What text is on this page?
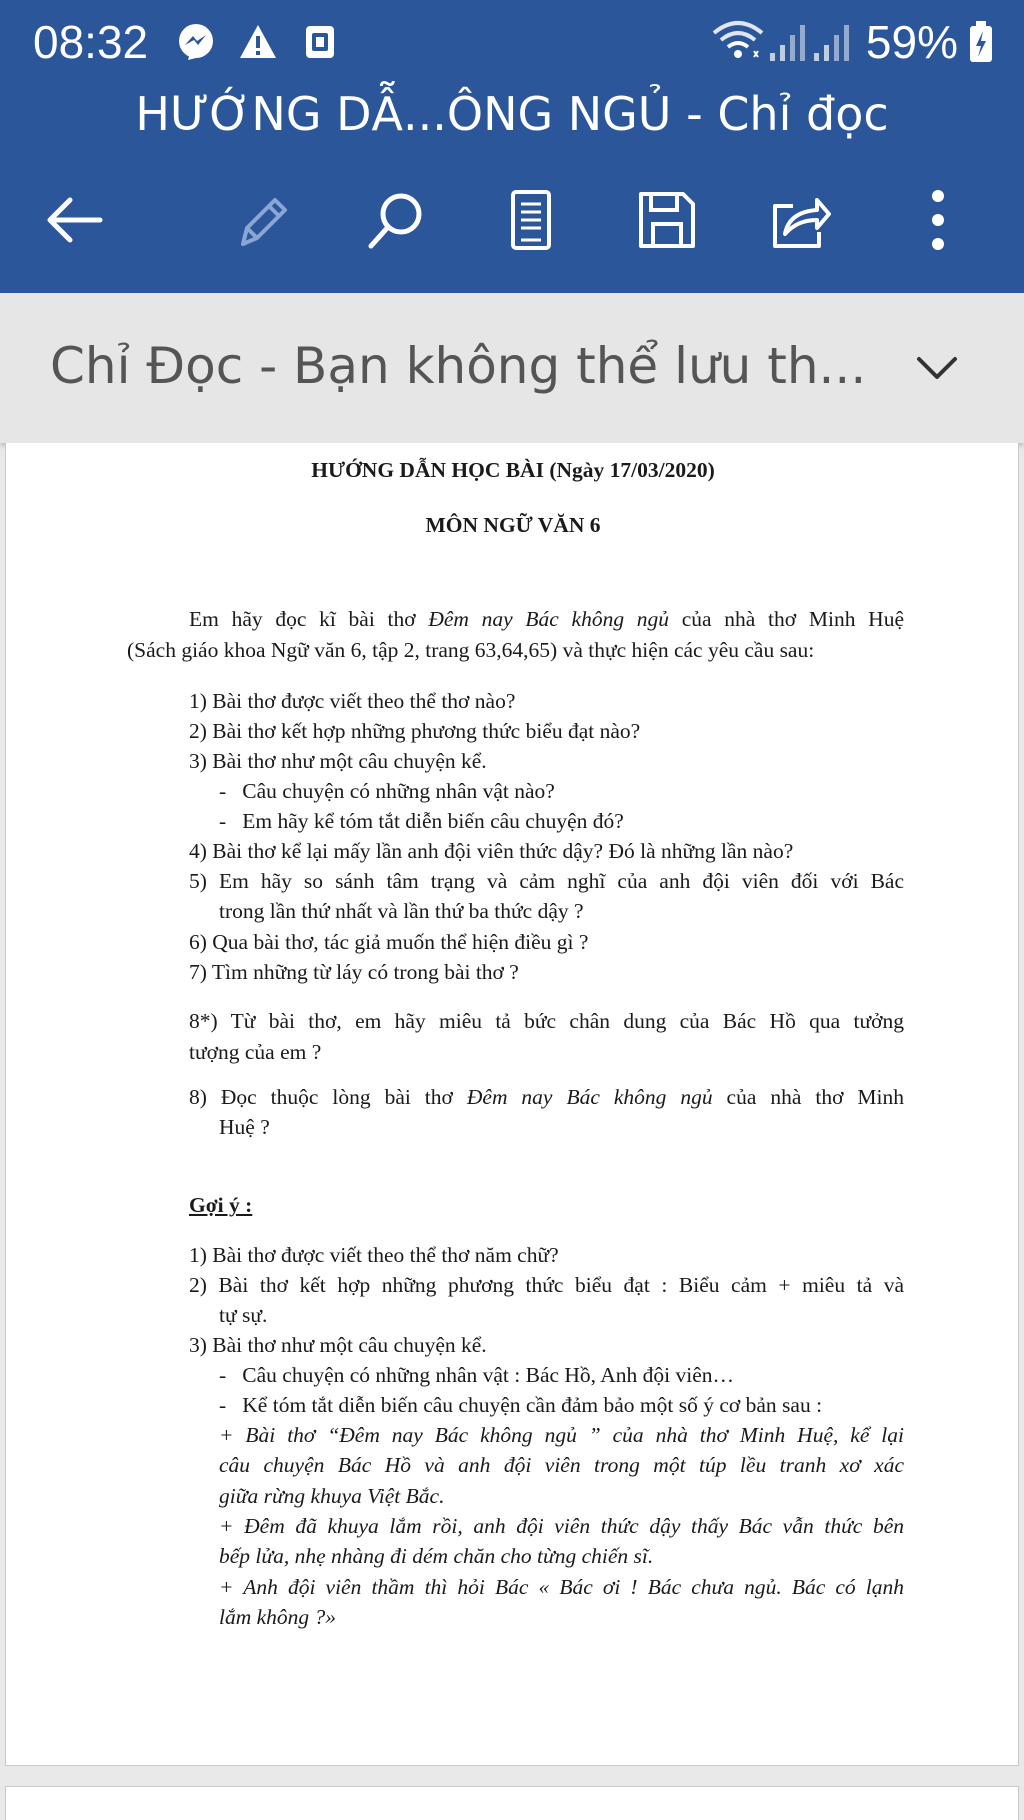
08:32	59%
HƯỚNG DẪ...ÔNG NGỦ - Chỉ đọc
Chỉ Đọc - Bạn không thể lưu th...
HƯỚNG DẪN HỌC BÀI (Ngày 17/03/2020)
MÔN NGỮ VĂN 6
Em hãy đọc kĩ bài thơ Đêm nay Bác không ngủ của nhà thơ Minh Huệ
(Sách giáo khoa Ngữ văn 6, tập 2, trang 63,64,65) và thực hiện các yêu cầu sau:
1) Bài thơ được viết theo thể thơ nào?
2) Bài thơ kết hợp những phương thức biểu đạt nào?
3) Bài thơ như một câu chuyện kể.
-   Câu chuyện có những nhân vật nào?
-   Em hãy kể tóm tắt diễn biến câu chuyện đó?
4) Bài thơ kể lại mấy lần anh đội viên thức dậy? Đó là những lần nào?
5) Em hãy so sánh tâm trạng và cảm nghĩ của anh đội viên đối với Bác
trong lần thứ nhất và lần thứ ba thức dậy ?
6) Qua bài thơ, tác giả muốn thể hiện điều gì ?
7) Tìm những từ láy có trong bài thơ ?
8*) Từ bài thơ, em hãy miêu tả bức chân dung của Bác Hồ qua tưởng
tượng của em ?
8) Đọc thuộc lòng bài thơ Đêm nay Bác không ngủ của nhà thơ Minh
Huệ ?
Gợi ý :
1) Bài thơ được viết theo thể thơ năm chữ?
2) Bài thơ kết hợp những phương thức biểu đạt : Biểu cảm + miêu tả và
tự sự.
3) Bài thơ như một câu chuyện kể.
-   Câu chuyện có những nhân vật : Bác Hồ, Anh đội viên…
-   Kể tóm tắt diễn biến câu chuyện cần đảm bảo một số ý cơ bản sau :
+ Bài thơ “Đêm nay Bác không ngủ ” của nhà thơ Minh Huệ, kể lại
câu chuyện Bác Hồ và anh đội viên trong một túp lều tranh xơ xác
giữa rừng khuya Việt Bắc.
+ Đêm đã khuya lắm rồi, anh đội viên thức dậy thấy Bác vẫn thức bên
bếp lửa, nhẹ nhàng đi dém chăn cho từng chiến sĩ.
+ Anh đội viên thầm thì hỏi Bác « Bác ơi ! Bác chưa ngủ. Bác có lạnh
lắm không ?»
